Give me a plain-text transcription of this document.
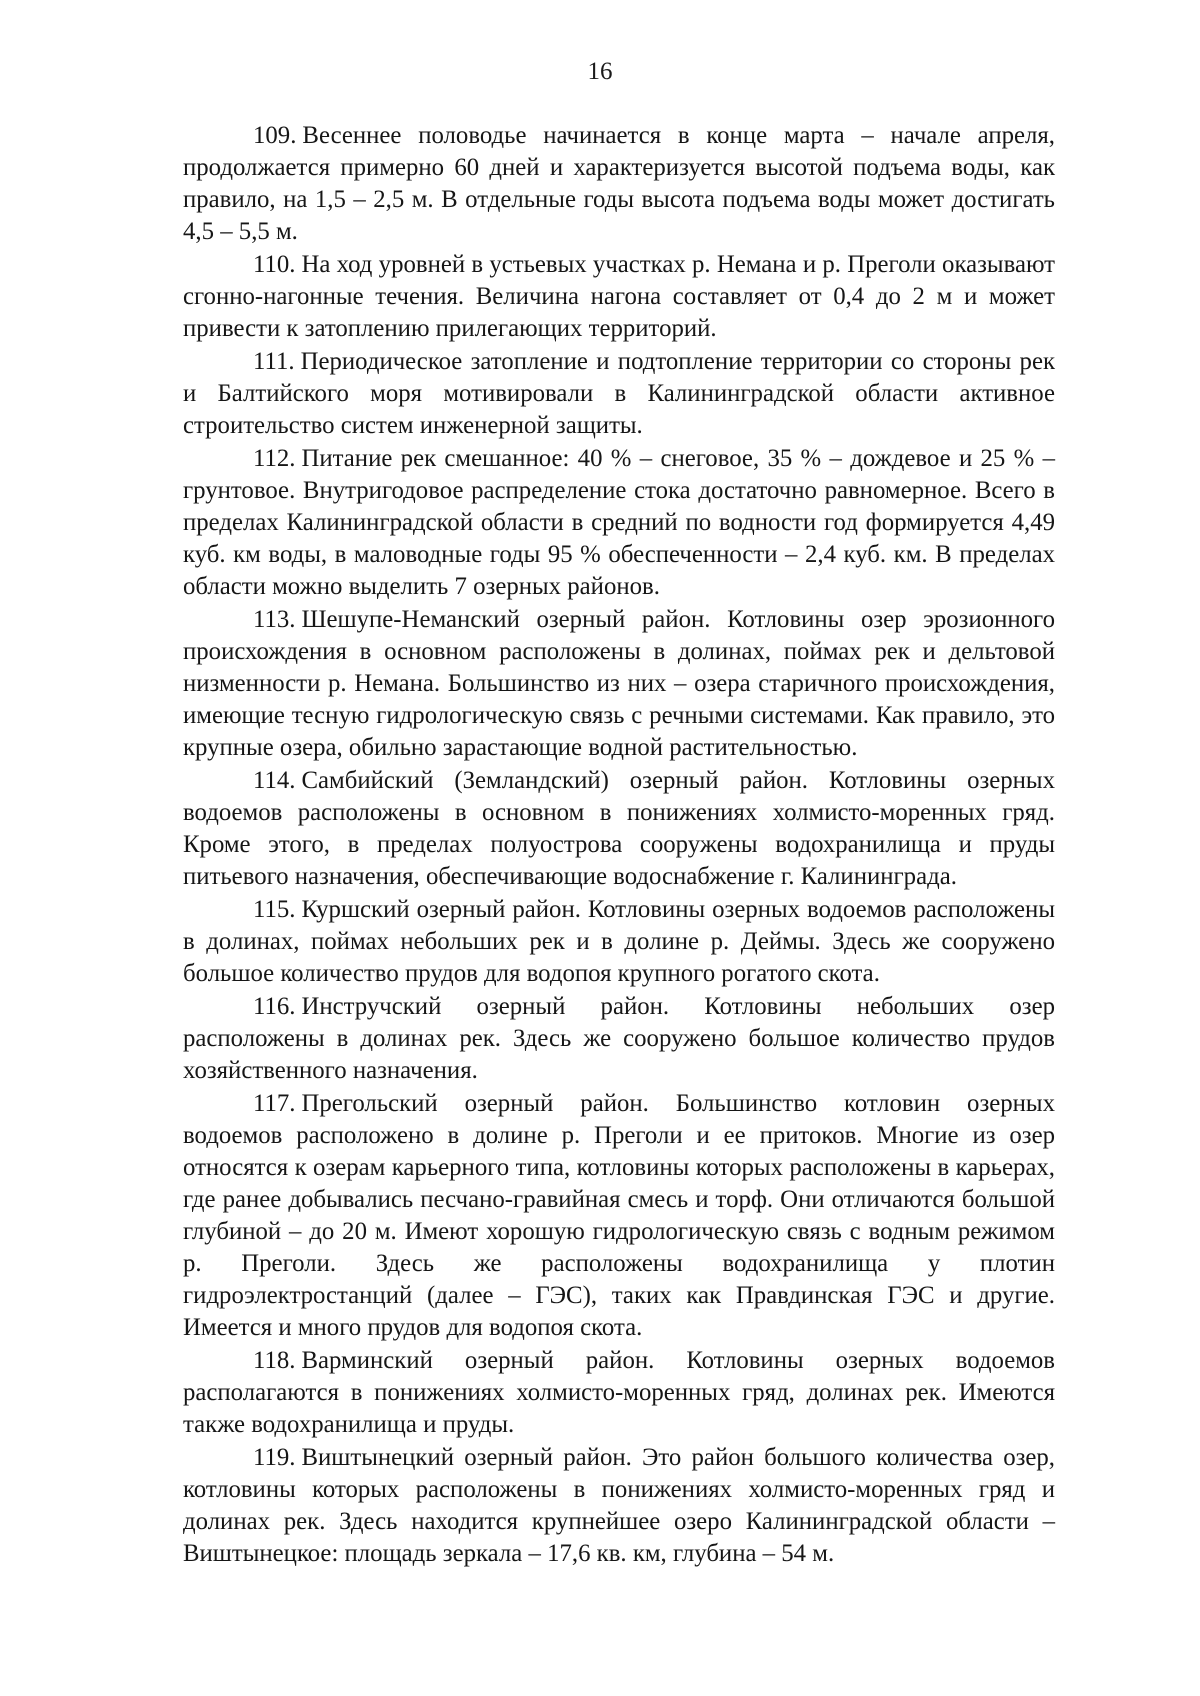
16

109. Весеннее половодье начинается в конце марта – начале апреля, продолжается примерно 60 дней и характеризуется высотой подъема воды, как правило, на 1,5 – 2,5 м. В отдельные годы высота подъема воды может достигать 4,5 – 5,5 м.

110. На ход уровней в устьевых участках р. Немана и р. Преголи оказывают сгонно-нагонные течения. Величина нагона составляет от 0,4 до 2 м и может привести к затоплению прилегающих территорий.

111. Периодическое затопление и подтопление территории со стороны рек и Балтийского моря мотивировали в Калининградской области активное строительство систем инженерной защиты.

112. Питание рек смешанное: 40 % – снеговое, 35 % – дождевое и 25 % – грунтовое. Внутригодовое распределение стока достаточно равномерное. Всего в пределах Калининградской области в средний по водности год формируется 4,49 куб. км воды, в маловодные годы 95 % обеспеченности – 2,4 куб. км. В пределах области можно выделить 7 озерных районов.

113. Шешупе-Неманский озерный район. Котловины озер эрозионного происхождения в основном расположены в долинах, поймах рек и дельтовой низменности р. Немана. Большинство из них – озера старичного происхождения, имеющие тесную гидрологическую связь с речными системами. Как правило, это крупные озера, обильно зарастающие водной растительностью.

114. Самбийский (Земландский) озерный район. Котловины озерных водоемов расположены в основном в понижениях холмисто-моренных гряд. Кроме этого, в пределах полуострова сооружены водохранилища и пруды питьевого назначения, обеспечивающие водоснабжение г. Калининграда.

115. Куршский озерный район. Котловины озерных водоемов расположены в долинах, поймах небольших рек и в долине р. Деймы. Здесь же сооружено большое количество прудов для водопоя крупного рогатого скота.

116. Инстручский озерный район. Котловины небольших озер расположены в долинах рек. Здесь же сооружено большое количество прудов хозяйственного назначения.

117. Прегольский озерный район. Большинство котловин озерных водоемов расположено в долине р. Преголи и ее притоков. Многие из озер относятся к озерам карьерного типа, котловины которых расположены в карьерах, где ранее добывались песчано-гравийная смесь и торф. Они отличаются большой глубиной – до 20 м. Имеют хорошую гидрологическую связь с водным режимом р. Преголи. Здесь же расположены водохранилища у плотин гидроэлектростанций (далее – ГЭС), таких как Правдинская ГЭС и другие. Имеется и много прудов для водопоя скота.

118. Варминский озерный район. Котловины озерных водоемов располагаются в понижениях холмисто-моренных гряд, долинах рек. Имеются также водохранилища и пруды.

119. Виштынецкий озерный район. Это район большого количества озер, котловины которых расположены в понижениях холмисто-моренных гряд и долинах рек. Здесь находится крупнейшее озеро Калининградской области – Виштынецкое: площадь зеркала – 17,6 кв. км, глубина – 54 м.
